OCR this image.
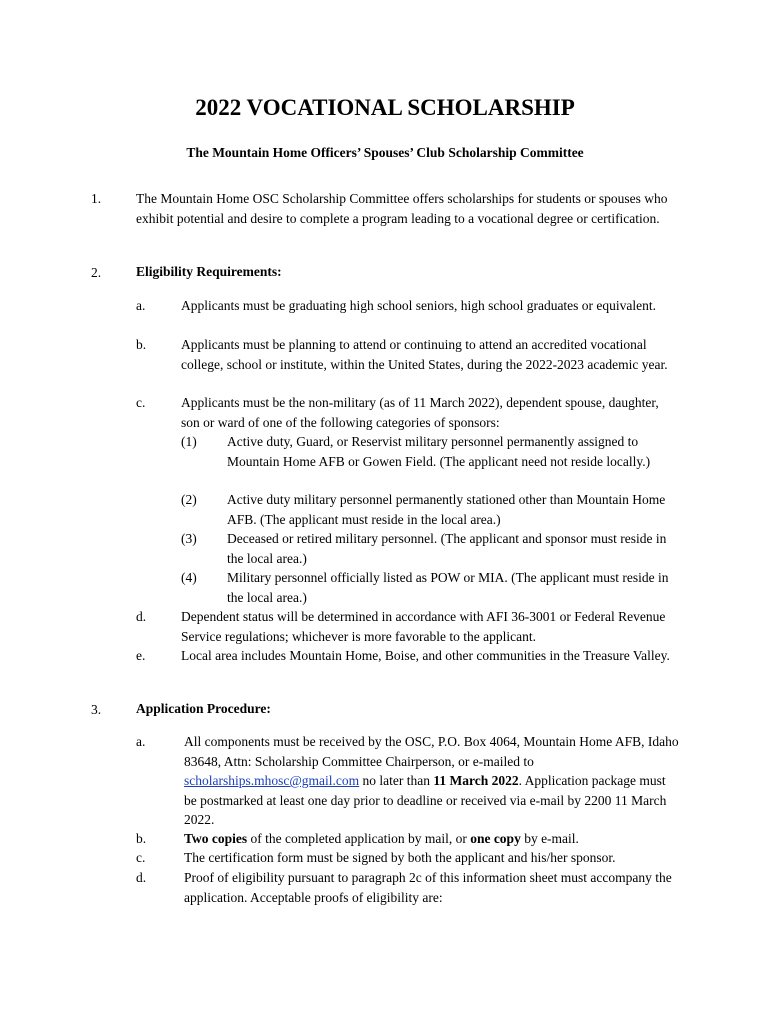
2022 VOCATIONAL SCHOLARSHIP
The Mountain Home Officers’ Spouses’ Club Scholarship Committee
1.	The Mountain Home OSC Scholarship Committee offers scholarships for students or spouses who exhibit potential and desire to complete a program leading to a vocational degree or certification.
2.	Eligibility Requirements:
a.	Applicants must be graduating high school seniors, high school graduates or equivalent.
b.	Applicants must be planning to attend or continuing to attend an accredited vocational college, school or institute, within the United States, during the 2022-2023 academic year.
c.	Applicants must be the non-military (as of 11 March 2022), dependent spouse, daughter, son or ward of one of the following categories of sponsors:
(1) Active duty, Guard, or Reservist military personnel permanently assigned to Mountain Home AFB or Gowen Field. (The applicant need not reside locally.)
(2) Active duty military personnel permanently stationed other than Mountain Home AFB. (The applicant must reside in the local area.)
(3) Deceased or retired military personnel. (The applicant and sponsor must reside in the local area.)
(4) Military personnel officially listed as POW or MIA. (The applicant must reside in the local area.)
d.	Dependent status will be determined in accordance with AFI 36-3001 or Federal Revenue Service regulations; whichever is more favorable to the applicant.
e.	Local area includes Mountain Home, Boise, and other communities in the Treasure Valley.
3.	Application Procedure:
a.	All components must be received by the OSC, P.O. Box 4064, Mountain Home AFB, Idaho 83648, Attn: Scholarship Committee Chairperson, or e-mailed to scholarships.mhosc@gmail.com no later than 11 March 2022. Application package must be postmarked at least one day prior to deadline or received via e-mail by 2200 11 March 2022.
b.	Two copies of the completed application by mail, or one copy by e-mail.
c.	The certification form must be signed by both the applicant and his/her sponsor.
d.	Proof of eligibility pursuant to paragraph 2c of this information sheet must accompany the application. Acceptable proofs of eligibility are:
